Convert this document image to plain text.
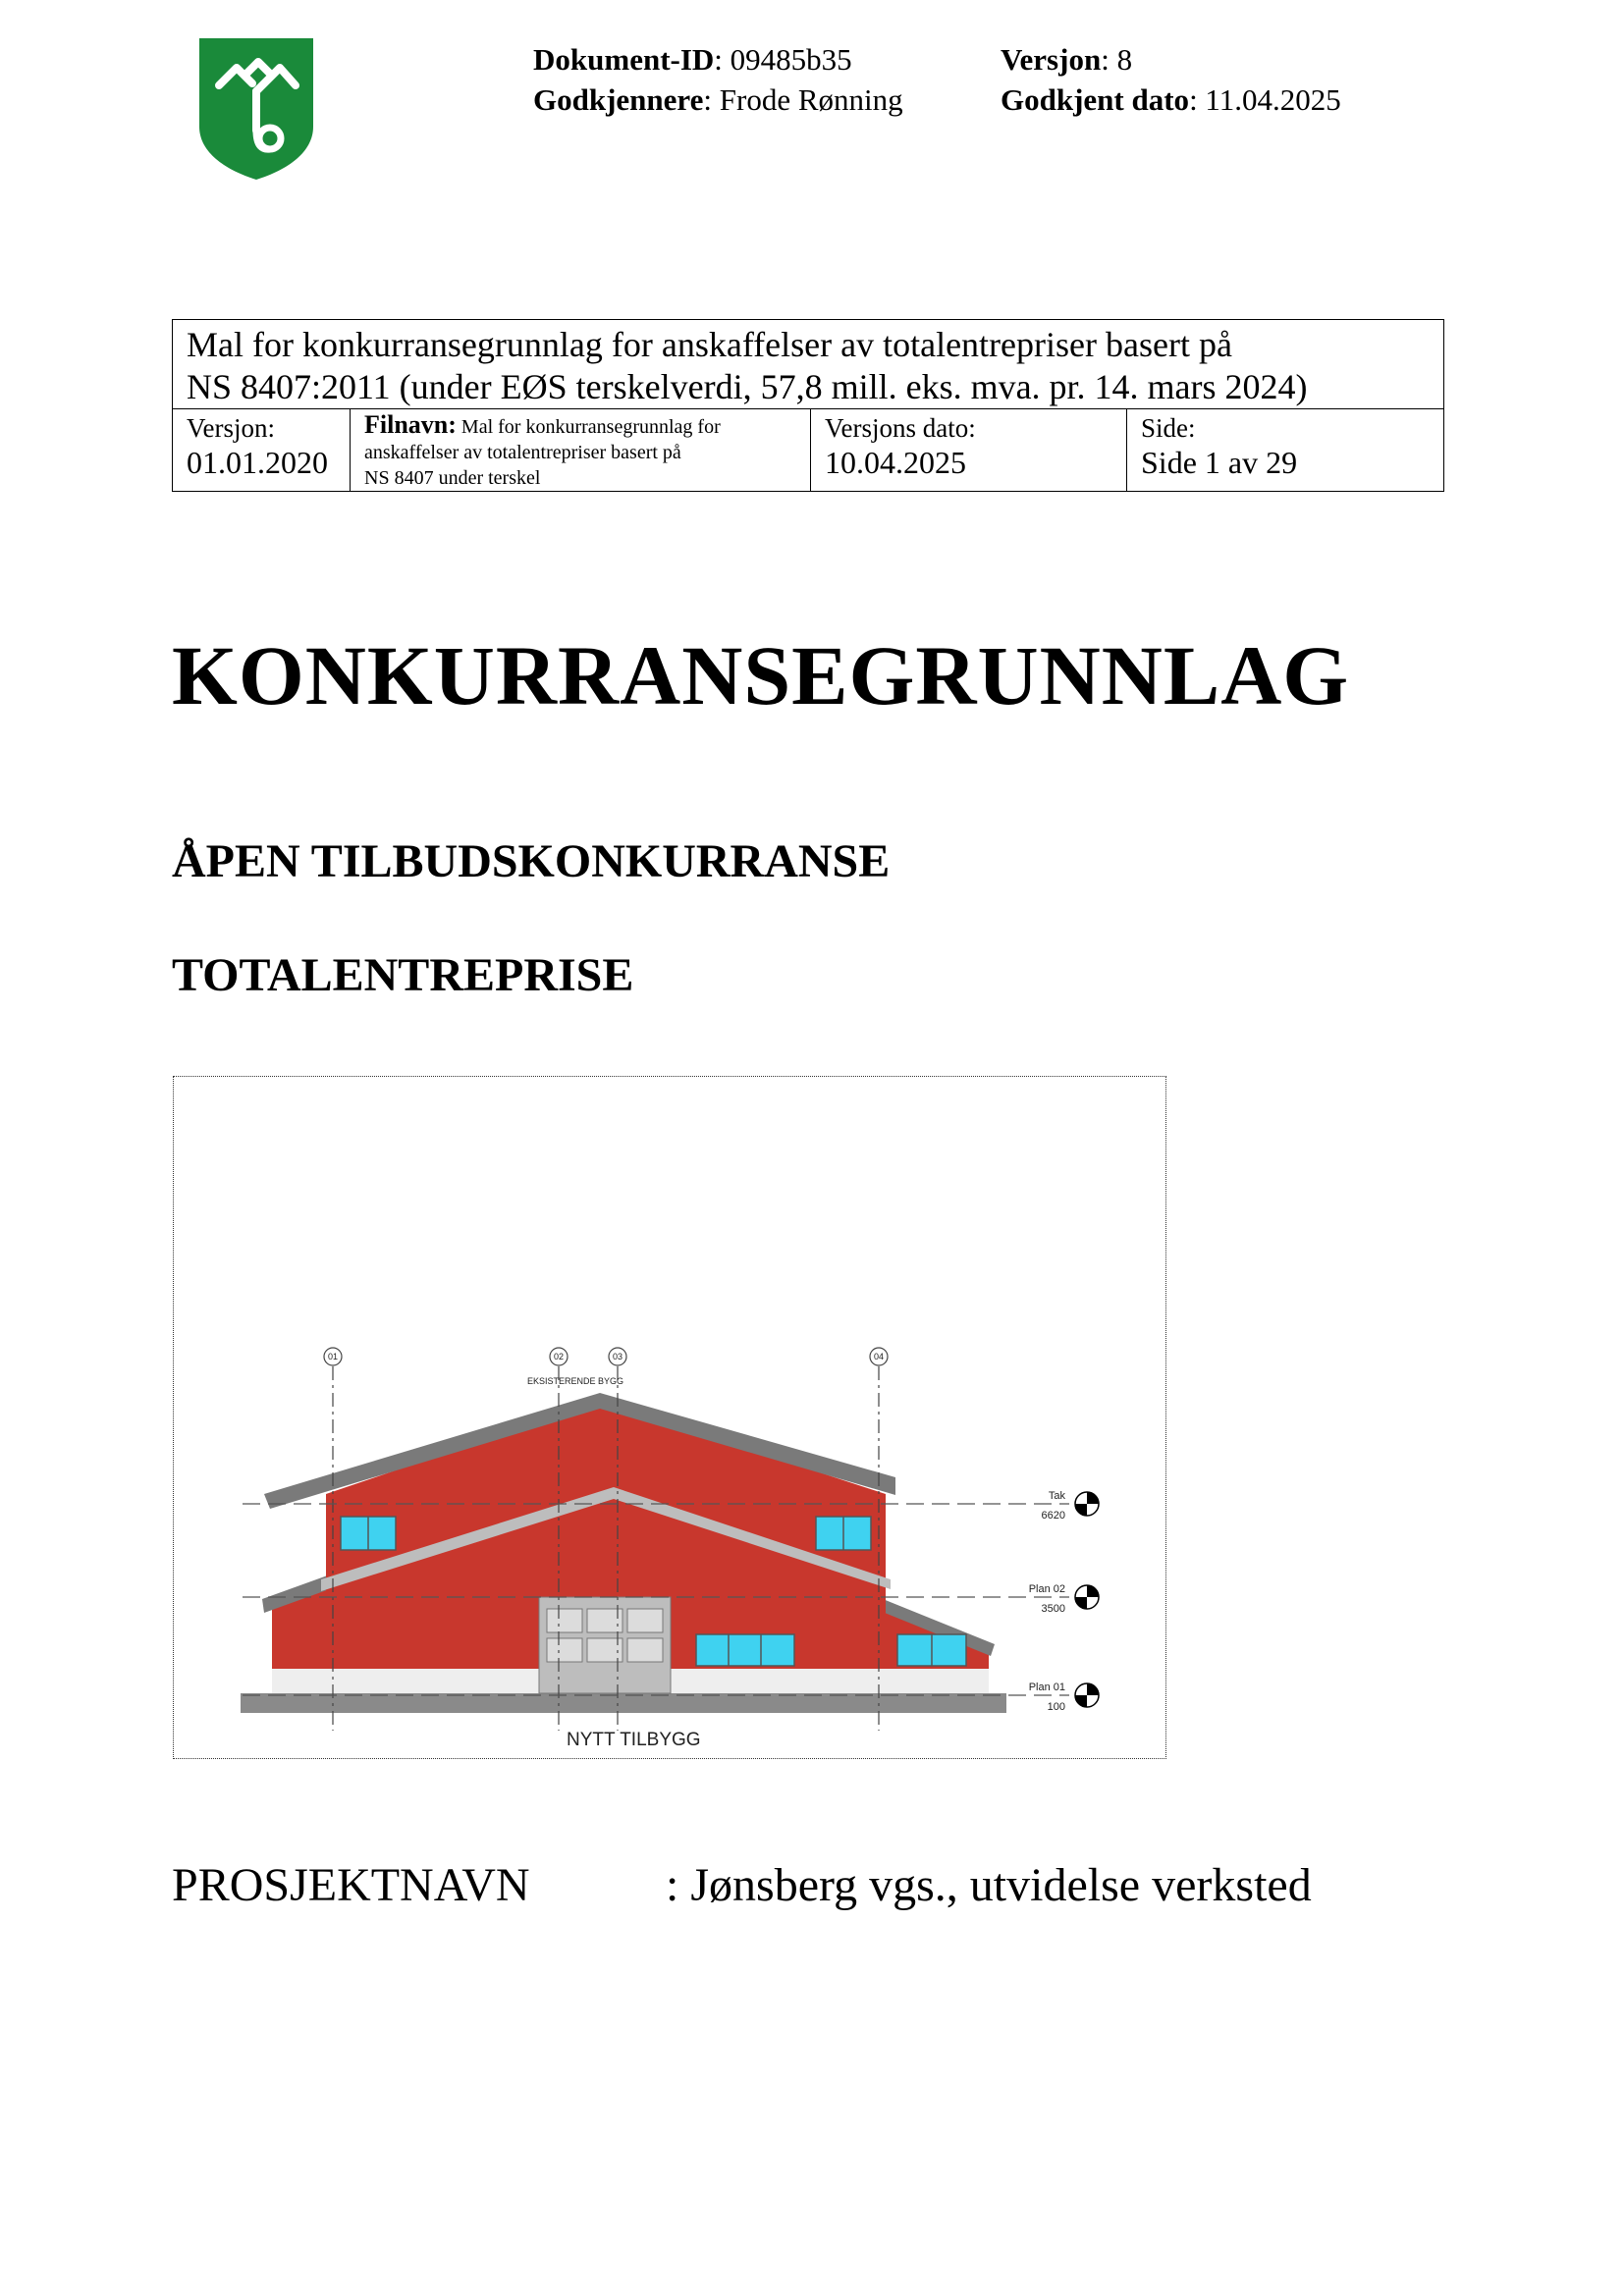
Dokument-ID: 09485b35
Godkjennere: Frode Rønning
Versjon: 8
Godkjent dato: 11.04.2025
Mal for konkurransegrunnlag for anskaffelser av totalentrepriser basert på
NS 8407:2011 (under EØS terskelverdi, 57,8 mill. eks. mva. pr. 14. mars 2024)
Versjon:
01.01.2020
Filnavn: Mal for konkurransegrunnlag for
anskaffelser av totalentrepriser basert på
NS 8407 under terskel
Versjons dato:
10.04.2025
Side:
Side 1 av 29
KONKURRANSEGRUNNLAG
ÅPEN TILBUDSKONKURRANSE
TOTALENTREPRISE
01	02	03	04
Tak
6620
Plan 02
3500
Plan 01
100
EKSISTERENDE BYGG
NYTT TILBYGG
PROSJEKTNAVN	: Jønsberg vgs., utvidelse verksted
